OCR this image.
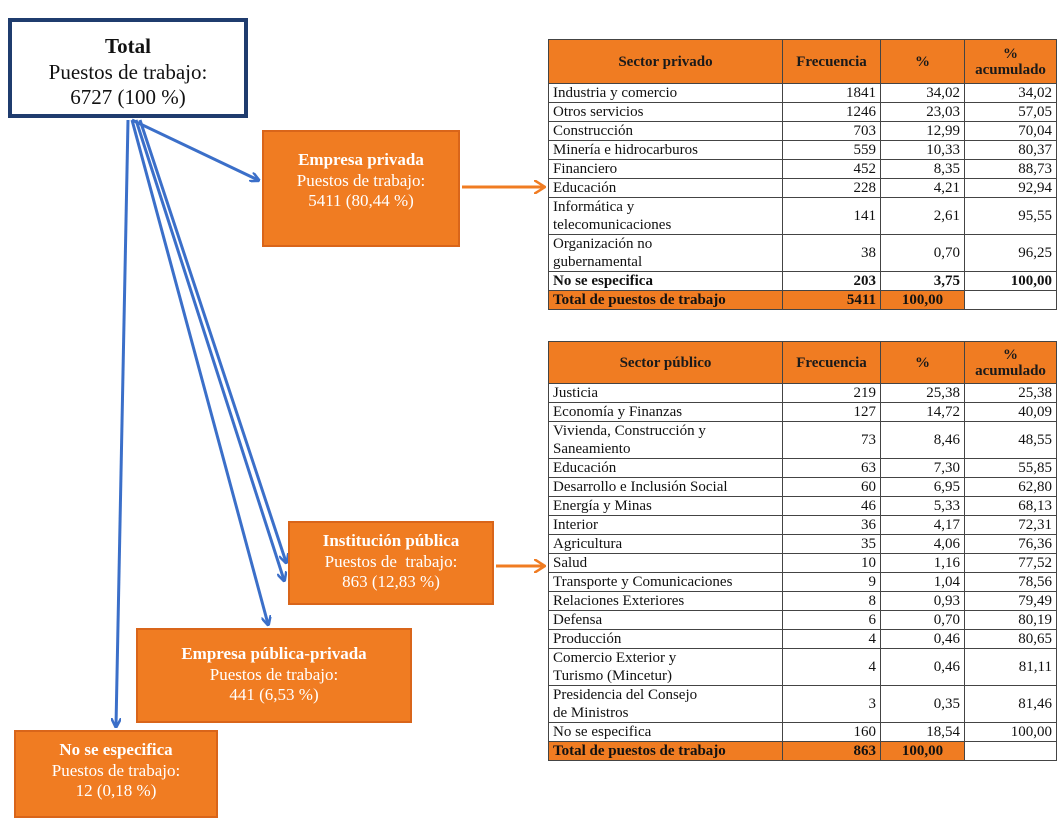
Total
Puestos de trabajo:
6727 (100 %)
Empresa privada
Puestos de trabajo:
5411 (80,44 %)
Institución pública
Puestos de  trabajo:
863 (12,83 %)
Empresa pública-privada
Puestos de trabajo:
441 (6,53 %)
No se especifica
Puestos de trabajo:
12 (0,18 %)
Sector privado	Frecuencia	%	% acumulado
Industria y comercio	1841	34,02	34,02
Otros servicios	1246	23,03	57,05
Construcción	703	12,99	70,04
Minería e hidrocarburos	559	10,33	80,37
Financiero	452	8,35	88,73
Educación	228	4,21	92,94
Informática y
telecomunicaciones	141	2,61	95,55
Organización no
gubernamental	38	0,70	96,25
No se especifica	203	3,75	100,00
Total de puestos de trabajo	5411	100,00	
Sector público	Frecuencia	%	% acumulado
Justicia	219	25,38	25,38
Economía y Finanzas	127	14,72	40,09
Vivienda, Construcción y
Saneamiento	73	8,46	48,55
Educación	63	7,30	55,85
Desarrollo e Inclusión Social	60	6,95	62,80
Energía y Minas	46	5,33	68,13
Interior	36	4,17	72,31
Agricultura	35	4,06	76,36
Salud	10	1,16	77,52
Transporte y Comunicaciones	9	1,04	78,56
Relaciones Exteriores	8	0,93	79,49
Defensa	6	0,70	80,19
Producción	4	0,46	80,65
Comercio Exterior y
Turismo (Mincetur)	4	0,46	81,11
Presidencia del Consejo
de Ministros	3	0,35	81,46
No se especifica	160	18,54	100,00
Total de puestos de trabajo	863	100,00	
